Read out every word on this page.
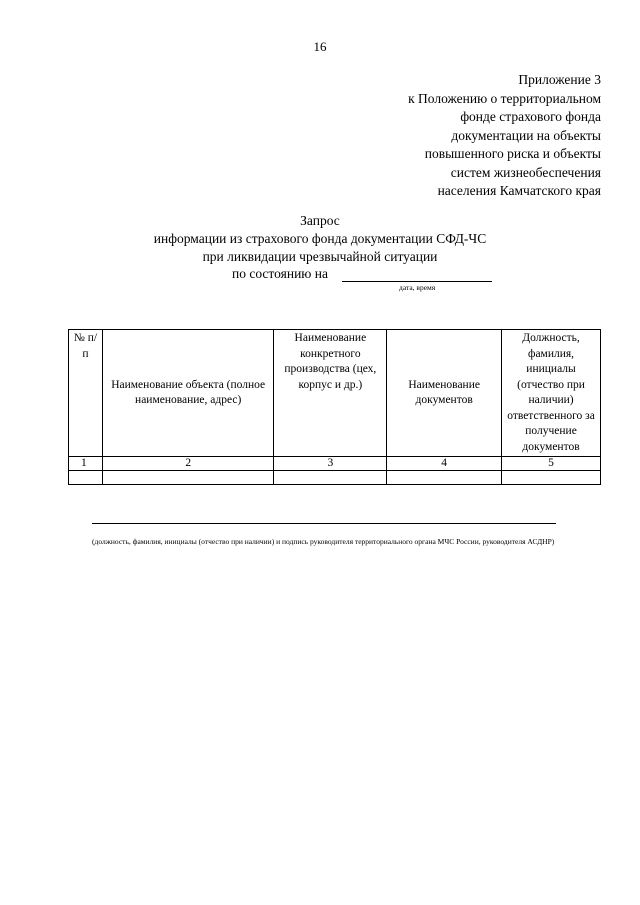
16
Приложение 3
к Положению о территориальном
фонде страхового фонда
документации на объекты
повышенного риска и объекты
систем жизнеобеспечения
населения Камчатского края
Запрос
информации из страхового фонда документации СФД-ЧС
при ликвидации чрезвычайной ситуации
по состоянию на
дата, время
№ п/п	Наименование объекта (полное наименование, адрес)	Наименование конкретного производства (цех, корпус и др.)	Наименование документов	Должность, фамилия, инициалы (отчество при наличии) ответственного за получение документов
1	2	3	4	5

(должность, фамилия, инициалы (отчество при наличии) и подпись руководителя территориального органа МЧС России, руководителя АСДНР)
